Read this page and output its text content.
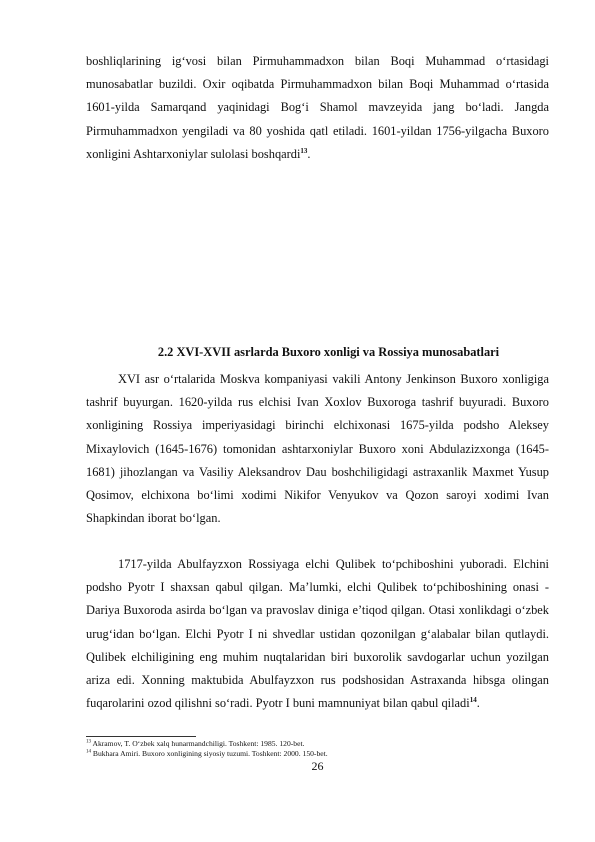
boshliqlarining ig‘vosi bilan Pirmuhammadxon bilan Boqi Muhammad o‘rtasidagi munosabatlar buzildi. Oxir oqibatda Pirmuhammadxon bilan Boqi Muhammad o‘rtasida 1601-yilda Samarqand yaqinidagi Bog‘i Shamol mavzeyida jang bo‘ladi. Jangda Pirmuhammadxon yengiladi va 80 yoshida qatl etiladi. 1601-yildan 1756-yilgacha Buxoro xonligini Ashtarxoniylar sulolasi boshqardi$^{13}$.

2.2 XVI-XVII asrlarda Buxoro xonligi va Rossiya munosabatlari

XVI asr o‘rtalarida Moskva kompaniyasi vakili Antony Jenkinson Buxoro xonligiga tashrif buyurgan. 1620-yilda rus elchisi Ivan Xoxlov Buxoroga tashrif buyuradi. Buxoro xonligining Rossiya imperiyasidagi birinchi elchixonasi 1675-yilda podsho Aleksey Mixaylovich (1645-1676) tomonidan ashtarxoniylar Buxoro xoni Abdulazizxonga (1645-1681) jihozlangan va Vasiliy Aleksandrov Dau boshchiligidagi astraxanlik Maxmet Yusup Qosimov, elchixona bo‘limi xodimi Nikifor Venyukov va Qozon saroyi xodimi Ivan Shapkindan iborat bo‘lgan.

1717-yilda Abulfayzxon Rossiyaga elchi Qulibek to‘pchiboshini yuboradi. Elchini podsho Pyotr I shaxsan qabul qilgan. Ma’lumki, elchi Qulibek to‘pchiboshining onasi - Dariya Buxoroda asirda bo‘lgan va pravoslav diniga e’tiqod qilgan. Otasi xonlikdagi o‘zbek urug‘idan bo‘lgan. Elchi Pyotr I ni shvedlar ustidan qozonilgan g‘alabalar bilan qutlaydi. Qulibek elchiligining eng muhim nuqtalaridan biri buxorolik savdogarlar uchun yozilgan ariza edi. Xonning maktubida Abulfayzxon rus podshosidan Astraxanda hibsga olingan fuqarolarini ozod qilishni so‘radi. Pyotr I buni mamnuniyat bilan qabul qiladi$^{14}$.

$^{13}$ Akramov, T. O‘zbek xalq hunarmandchiligi. Toshkent: 1985. 120-bet.
$^{14}$ Bukhara Amiri. Buxoro xonligining siyosiy tuzumi. Toshkent: 2000. 150-bet.
26
